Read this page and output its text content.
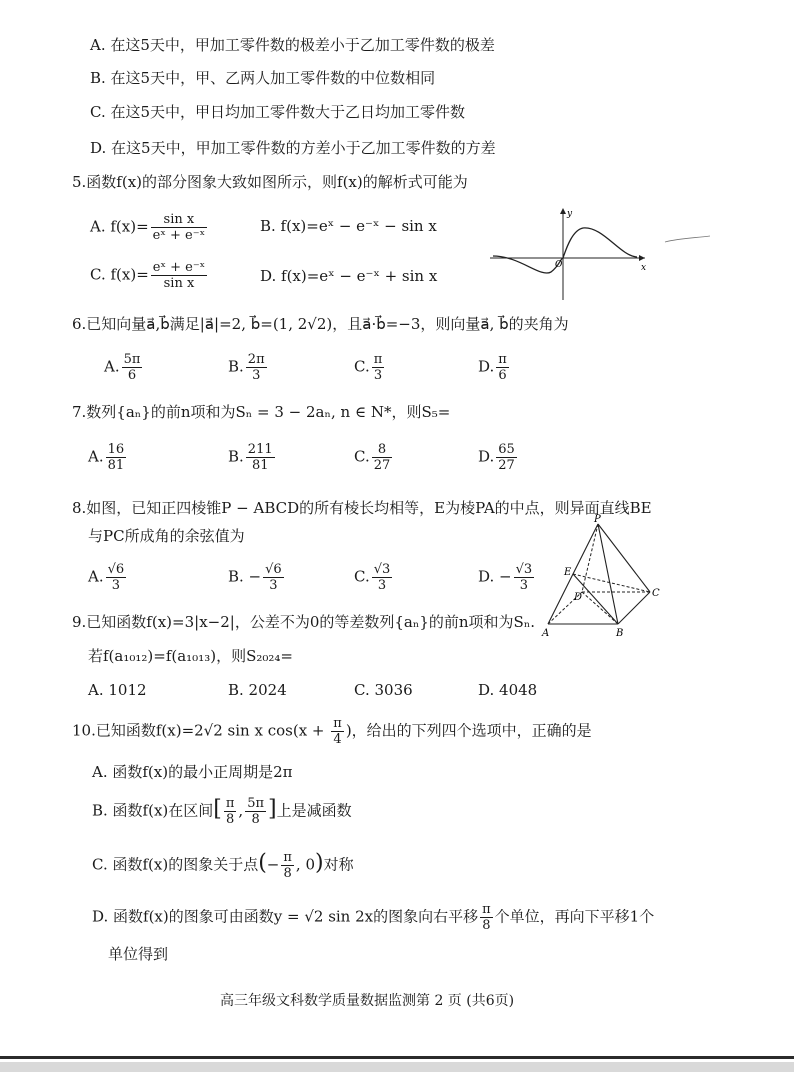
A. 在这5天中，甲加工零件数的极差小于乙加工零件数的极差
B. 在这5天中，甲、乙两人加工零件数的中位数相同
C. 在这5天中，甲日均加工零件数大于乙日均加工零件数
D. 在这5天中，甲加工零件数的方差小于乙加工零件数的方差
5.函数f(x)的部分图象大致如图所示，则f(x)的解析式可能为
A. $f(x)= \frac{\text{sin x}}{\text{eˣ + e⁻ˣ}}$	B. f(x)=eˣ − e⁻ˣ − sin x
C. $f(x)= \frac{\text{eˣ + e⁻ˣ}}{\text{sin x}}$	D. f(x)=eˣ − e⁻ˣ + sin x
y
x
O
6.已知向量a⃗,b⃗满足|a⃗|=2, b⃗=(1, 2√2)，且a⃗·b⃗=−3，则向量a⃗, b⃗的夹角为
A. $\frac{5\pi}{6}$	B. $\frac{2\pi}{3}$	C. $\frac{\pi}{3}$	D. $\frac{\pi}{6}$
7.数列{aₙ}的前n项和为Sₙ = 3 − 2aₙ, n ∈ N*，则S₅=
A. $\frac{16}{81}$	B. $\frac{211}{81}$	C. $\frac{8}{27}$	D. $\frac{65}{27}$
8.如图，已知正四棱锥P − ABCD的所有棱长均相等，E为棱PA的中点，则异面直线BE
与PC所成角的余弦值为
A. $\frac{√6}{3}$	B. − $\frac{√6}{3}$	C. $\frac{√3}{3}$	D. − $\frac{√3}{3}$
P
E
D	C
A	B
9.已知函数f(x)=3|x−2|，公差不为0的等差数列{aₙ}的前n项和为Sₙ.
若f(a₁₀₁₂)=f(a₁₀₁₃)，则S₂₀₂₄=
A. 1012	B. 2024	C. 3036	D. 4048
10.已知函数f(x)=2√2 sin x $\cos(x + \frac{\pi}{4}$ )，给出的下列四个选项中，正确的是
A. 函数f(x)的最小正周期是2π
B. 函数f(x)在区间[ $\frac{\pi}{8}$ , $\frac{5\pi}{8}$ ]上是减函数
C. 函数f(x)的图象关于点(− $\frac{\pi}{8}$ , 0)对称
D. 函数f(x)的图象可由函数y = √2 sin 2x的图象向右平移 $\frac{\pi}{8}$ 个单位，再向下平移1个
单位得到
高三年级文科数学质量数据监测第 2 页 (共6页)
